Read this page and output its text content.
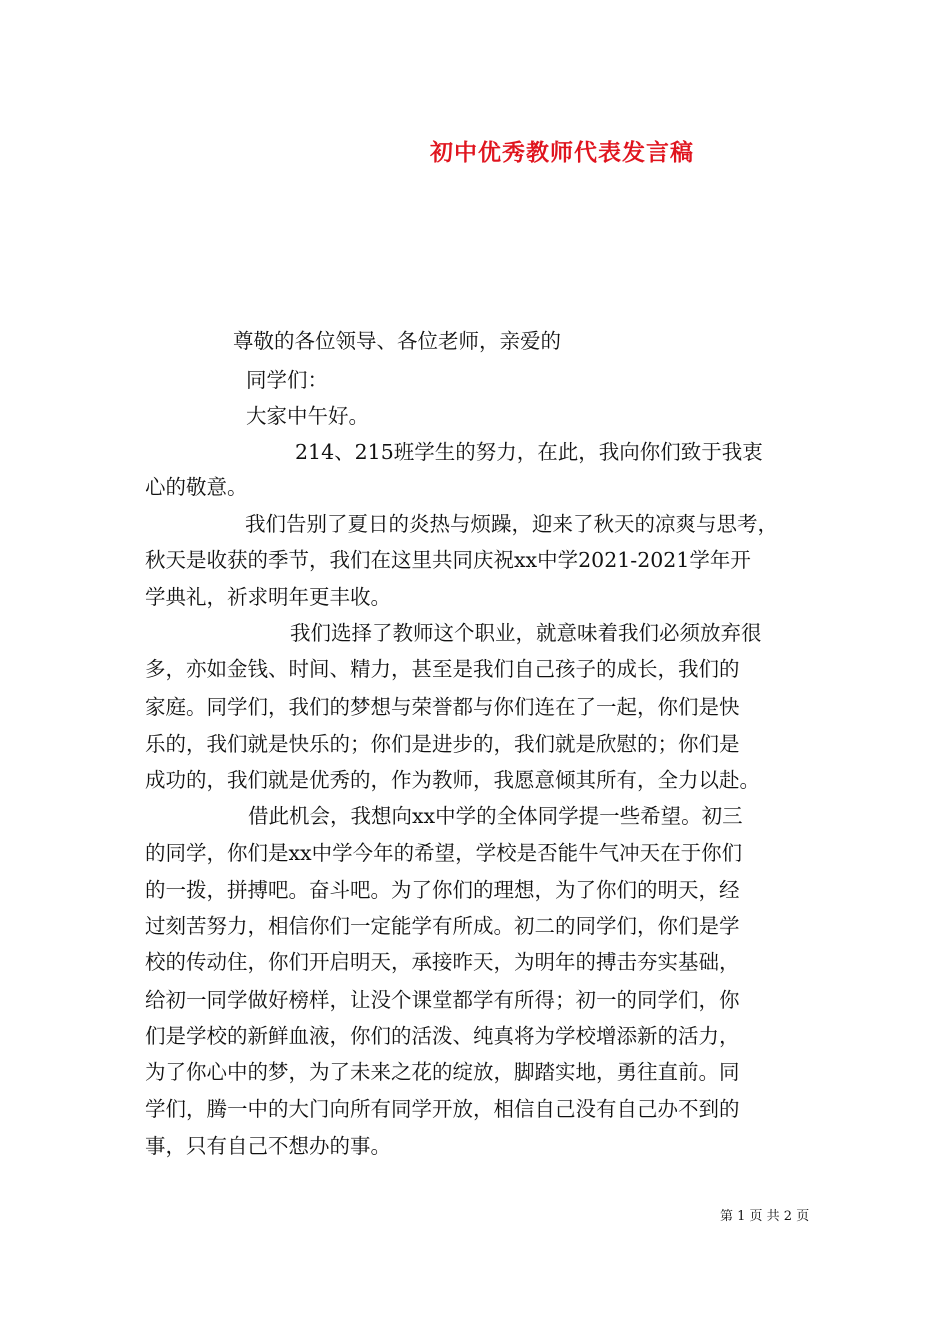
初中优秀教师代表发言稿
尊敬的各位领导、各位老师，亲爱的
同学们：
大家中午好。
214、215班学生的努力，在此，我向你们致于我衷
心的敬意。
我们告别了夏日的炎热与烦躁，迎来了秋天的凉爽与思考，
秋天是收获的季节，我们在这里共同庆祝xx中学2021-2021学年开
学典礼，祈求明年更丰收。
我们选择了教师这个职业，就意味着我们必须放弃很
多，亦如金钱、时间、精力，甚至是我们自己孩子的成长，我们的
家庭。同学们，我们的梦想与荣誉都与你们连在了一起，你们是快
乐的，我们就是快乐的；你们是进步的，我们就是欣慰的；你们是
成功的，我们就是优秀的，作为教师，我愿意倾其所有，全力以赴。
借此机会，我想向xx中学的全体同学提一些希望。初三
的同学，你们是xx中学今年的希望，学校是否能牛气冲天在于你们
的一拨，拼搏吧。奋斗吧。为了你们的理想，为了你们的明天，经
过刻苦努力，相信你们一定能学有所成。初二的同学们，你们是学
校的传动住，你们开启明天，承接昨天，为明年的搏击夯实基础，
给初一同学做好榜样，让没个课堂都学有所得；初一的同学们，你
们是学校的新鲜血液，你们的活泼、纯真将为学校增添新的活力，
为了你心中的梦，为了未来之花的绽放，脚踏实地，勇往直前。同
学们，腾一中的大门向所有同学开放，相信自己没有自己办不到的
事，只有自己不想办的事。
第 1 页 共 2 页
